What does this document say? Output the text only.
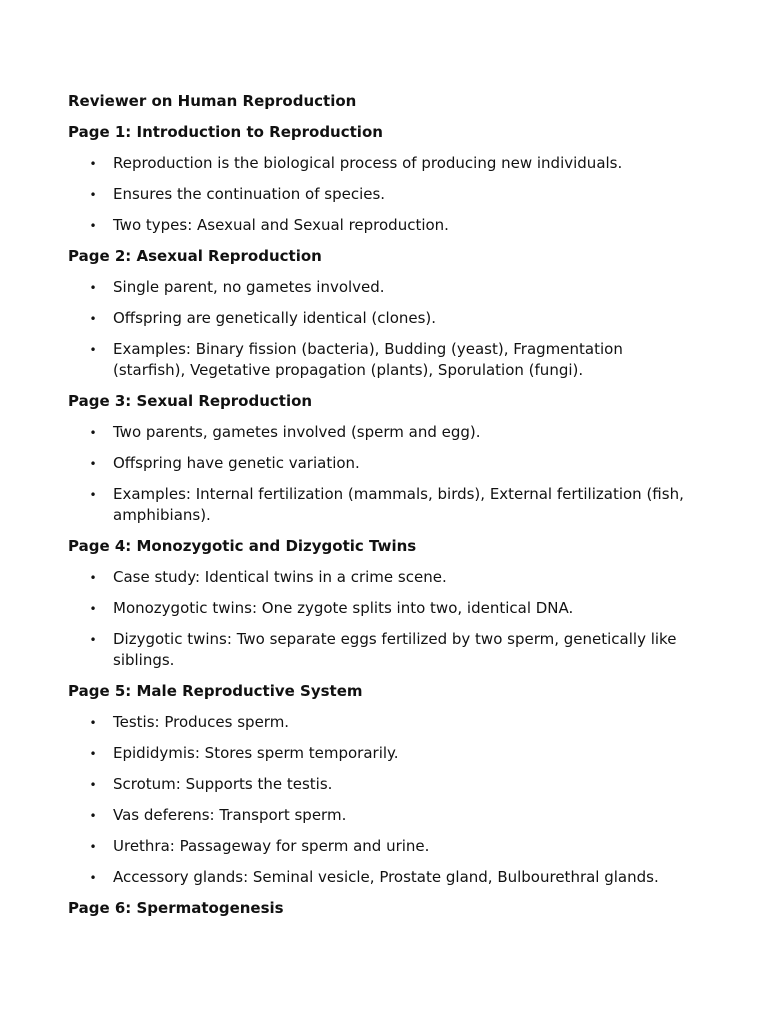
Reviewer on Human Reproduction
Page 1: Introduction to Reproduction
•
Reproduction is the biological process of producing new individuals.
•
Ensures the continuation of species.
•
Two types: Asexual and Sexual reproduction.
Page 2: Asexual Reproduction
•
Single parent, no gametes involved.
•
Offspring are genetically identical (clones).
•
Examples: Binary fission (bacteria), Budding (yeast), Fragmentation (starfish), Vegetative propagation (plants), Sporulation (fungi).
Page 3: Sexual Reproduction
•
Two parents, gametes involved (sperm and egg).
•
Offspring have genetic variation.
•
Examples: Internal fertilization (mammals, birds), External fertilization (fish, amphibians).
Page 4: Monozygotic and Dizygotic Twins
•
Case study: Identical twins in a crime scene.
•
Monozygotic twins: One zygote splits into two, identical DNA.
•
Dizygotic twins: Two separate eggs fertilized by two sperm, genetically like siblings.
Page 5: Male Reproductive System
•
Testis: Produces sperm.
•
Epididymis: Stores sperm temporarily.
•
Scrotum: Supports the testis.
•
Vas deferens: Transport sperm.
•
Urethra: Passageway for sperm and urine.
•
Accessory glands: Seminal vesicle, Prostate gland, Bulbourethral glands.
Page 6: Spermatogenesis
